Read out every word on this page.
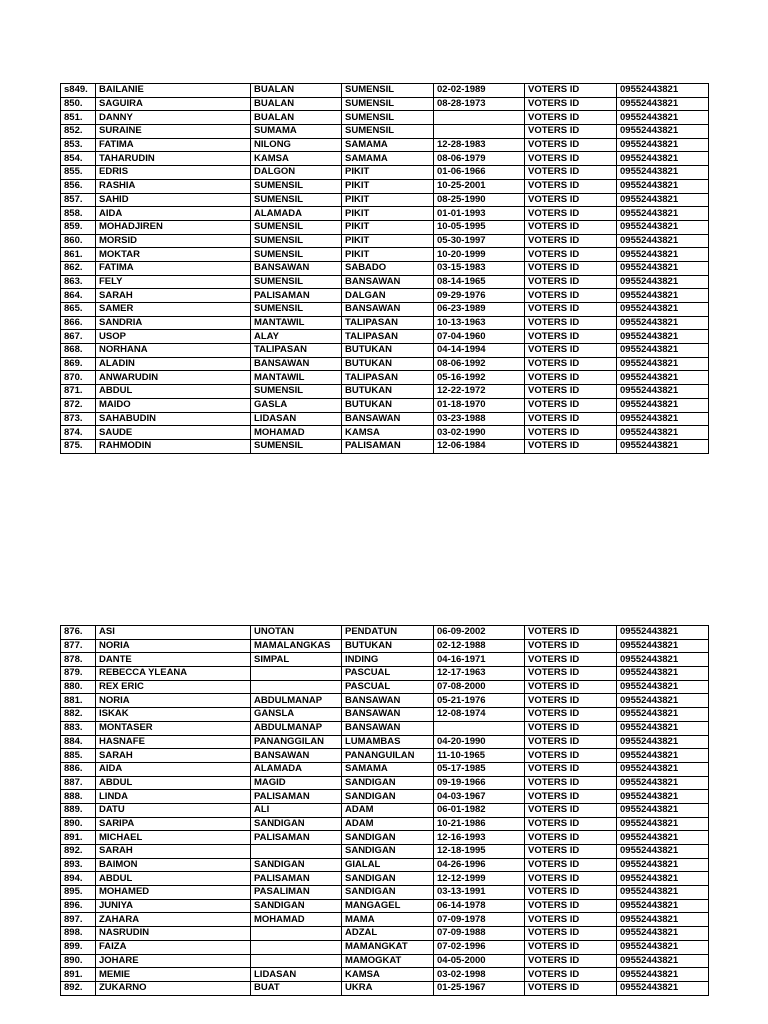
s849.	BAILANIE	BUALAN	SUMENSIL	02-02-1989	VOTERS ID	09552443821
850.	SAGUIRA	BUALAN	SUMENSIL	08-28-1973	VOTERS ID	09552443821
851.	DANNY	BUALAN	SUMENSIL		VOTERS ID	09552443821
852.	SURAINE	SUMAMA	SUMENSIL		VOTERS ID	09552443821
853.	FATIMA	NILONG	SAMAMA	12-28-1983	VOTERS ID	09552443821
854.	TAHARUDIN	KAMSA	SAMAMA	08-06-1979	VOTERS ID	09552443821
855.	EDRIS	DALGON	PIKIT	01-06-1966	VOTERS ID	09552443821
856.	RASHIA	SUMENSIL	PIKIT	10-25-2001	VOTERS ID	09552443821
857.	SAHID	SUMENSIL	PIKIT	08-25-1990	VOTERS ID	09552443821
858.	AIDA	ALAMADA	PIKIT	01-01-1993	VOTERS ID	09552443821
859.	MOHADJIREN	SUMENSIL	PIKIT	10-05-1995	VOTERS ID	09552443821
860.	MORSID	SUMENSIL	PIKIT	05-30-1997	VOTERS ID	09552443821
861.	MOKTAR	SUMENSIL	PIKIT	10-20-1999	VOTERS ID	09552443821
862.	FATIMA	BANSAWAN	SABADO	03-15-1983	VOTERS ID	09552443821
863.	FELY	SUMENSIL	BANSAWAN	08-14-1965	VOTERS ID	09552443821
864.	SARAH	PALISAMAN	DALGAN	09-29-1976	VOTERS ID	09552443821
865.	SAMER	SUMENSIL	BANSAWAN	06-23-1989	VOTERS ID	09552443821
866.	SANDRIA	MANTAWIL	TALIPASAN	10-13-1963	VOTERS ID	09552443821
867.	USOP	ALAY	TALIPASAN	07-04-1960	VOTERS ID	09552443821
868.	NORHANA	TALIPASAN	BUTUKAN	04-14-1994	VOTERS ID	09552443821
869.	ALADIN	BANSAWAN	BUTUKAN	08-06-1992	VOTERS ID	09552443821
870.	ANWARUDIN	MANTAWIL	TALIPASAN	05-16-1992	VOTERS ID	09552443821
871.	ABDUL	SUMENSIL	BUTUKAN	12-22-1972	VOTERS ID	09552443821
872.	MAIDO	GASLA	BUTUKAN	01-18-1970	VOTERS ID	09552443821
873.	SAHABUDIN	LIDASAN	BANSAWAN	03-23-1988	VOTERS ID	09552443821
874.	SAUDE	MOHAMAD	KAMSA	03-02-1990	VOTERS ID	09552443821
875.	RAHMODIN	SUMENSIL	PALISAMAN	12-06-1984	VOTERS ID	09552443821
876.	ASI	UNOTAN	PENDATUN	06-09-2002	VOTERS ID	09552443821
877.	NORIA	MAMALANGKAS	BUTUKAN	02-12-1988	VOTERS ID	09552443821
878.	DANTE	SIMPAL	INDING	04-16-1971	VOTERS ID	09552443821
879.	REBECCA YLEANA		PASCUAL	12-17-1963	VOTERS ID	09552443821
880.	REX ERIC		PASCUAL	07-08-2000	VOTERS ID	09552443821
881.	NORIA	ABDULMANAP	BANSAWAN	05-21-1976	VOTERS ID	09552443821
882.	ISKAK	GANSLA	BANSAWAN	12-08-1974	VOTERS ID	09552443821
883.	MONTASER	ABDULMANAP	BANSAWAN		VOTERS ID	09552443821
884.	HASNAFE	PANANGGILAN	LUMAMBAS	04-20-1990	VOTERS ID	09552443821
885.	SARAH	BANSAWAN	PANANGUILAN	11-10-1965	VOTERS ID	09552443821
886.	AIDA	ALAMADA	SAMAMA	05-17-1985	VOTERS ID	09552443821
887.	ABDUL	MAGID	SANDIGAN	09-19-1966	VOTERS ID	09552443821
888.	LINDA	PALISAMAN	SANDIGAN	04-03-1967	VOTERS ID	09552443821
889.	DATU	ALI	ADAM	06-01-1982	VOTERS ID	09552443821
890.	SARIPA	SANDIGAN	ADAM	10-21-1986	VOTERS ID	09552443821
891.	MICHAEL	PALISAMAN	SANDIGAN	12-16-1993	VOTERS ID	09552443821
892.	SARAH		SANDIGAN	12-18-1995	VOTERS ID	09552443821
893.	BAIMON	SANDIGAN	GIALAL	04-26-1996	VOTERS ID	09552443821
894.	ABDUL	PALISAMAN	SANDIGAN	12-12-1999	VOTERS ID	09552443821
895.	MOHAMED	PASALIMAN	SANDIGAN	03-13-1991	VOTERS ID	09552443821
896.	JUNIYA	SANDIGAN	MANGAGEL	06-14-1978	VOTERS ID	09552443821
897.	ZAHARA	MOHAMAD	MAMA	07-09-1978	VOTERS ID	09552443821
898.	NASRUDIN		ADZAL	07-09-1988	VOTERS ID	09552443821
899.	FAIZA		MAMANGKAT	07-02-1996	VOTERS ID	09552443821
890.	JOHARE		MAMOGKAT	04-05-2000	VOTERS ID	09552443821
891.	MEMIE	LIDASAN	KAMSA	03-02-1998	VOTERS ID	09552443821
892.	ZUKARNO	BUAT	UKRA	01-25-1967	VOTERS ID	09552443821
